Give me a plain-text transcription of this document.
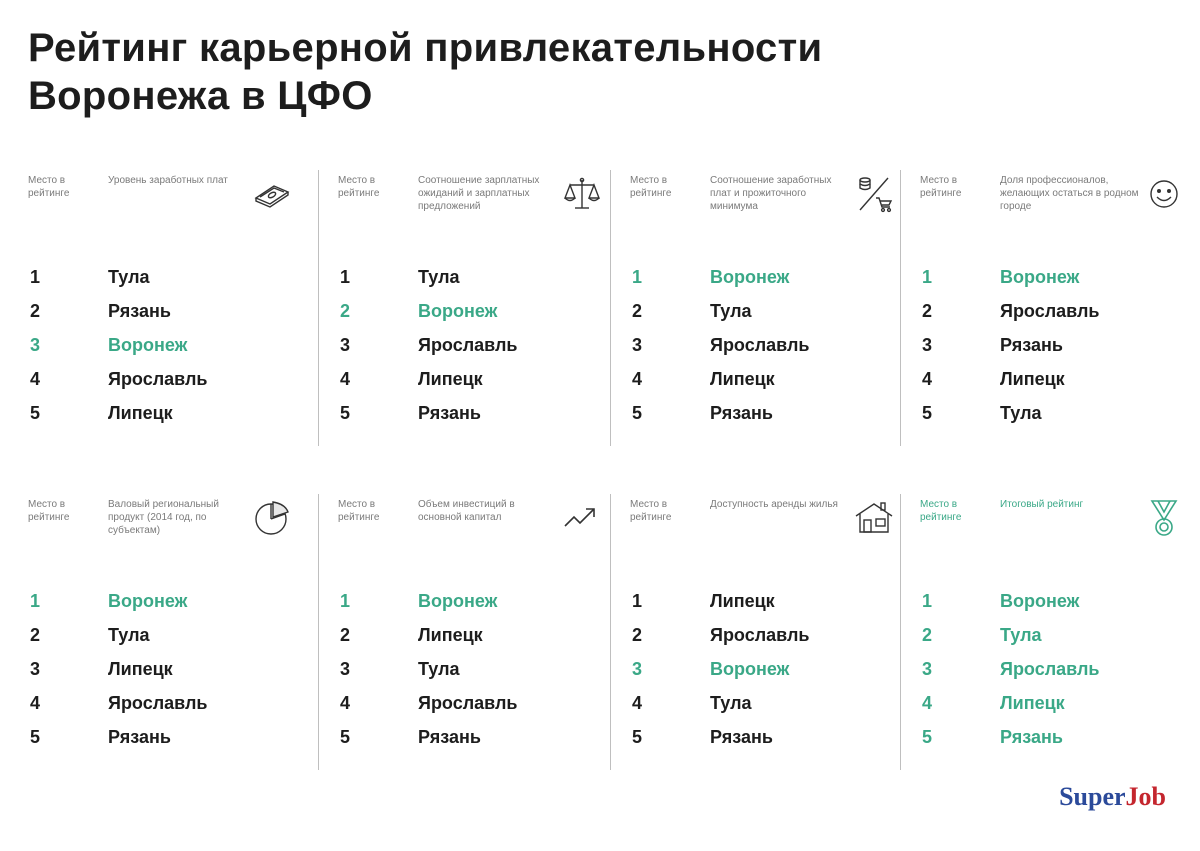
Рейтинг карьерной привлекательности
Воронежа в ЦФО
Место в рейтинге
Уровень заработных плат
1	Тула
2	Рязань
3	Воронеж
4	Ярославль
5	Липецк
Место в рейтинге
Соотношение зарплатных ожиданий и зарплатных предложений
1	Тула
2	Воронеж
3	Ярославль
4	Липецк
5	Рязань
Место в рейтинге
Соотношение заработных плат и прожиточного минимума
1	Воронеж
2	Тула
3	Ярославль
4	Липецк
5	Рязань
Место в рейтинге
Доля профессионалов, желающих остаться в родном городе
1	Воронеж
2	Ярославль
3	Рязань
4	Липецк
5	Тула
Место в рейтинге
Валовый региональный продукт (2014 год, по субъектам)
1	Воронеж
2	Тула
3	Липецк
4	Ярославль
5	Рязань
Место в рейтинге
Объем инвестиций в основной капитал
1	Воронеж
2	Липецк
3	Тула
4	Ярославль
5	Рязань
Место в рейтинге
Доступность аренды жилья
1	Липецк
2	Ярославль
3	Воронеж
4	Тула
5	Рязань
Место в рейтинге
Итоговый рейтинг
1	Воронеж
2	Тула
3	Ярославль
4	Липецк
5	Рязань
SuperJob
